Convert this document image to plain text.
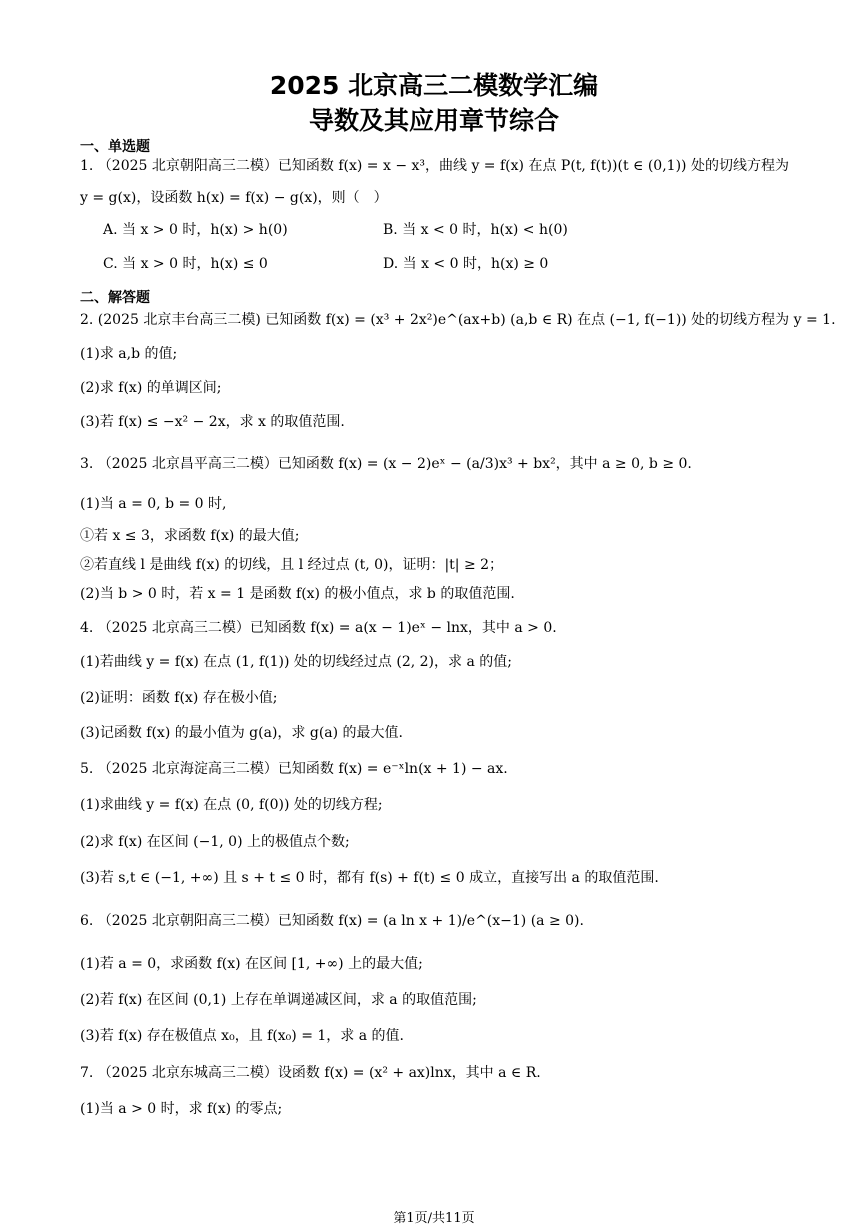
2025 北京高三二模数学汇编
导数及其应用章节综合
一、单选题
1. （2025 北京朝阳高三二模）已知函数 f(x) = x − x³，曲线 y = f(x) 在点 P(t, f(t))(t ∈ (0,1)) 处的切线方程为
y = g(x)，设函数 h(x) = f(x) − g(x)，则（　）
A. 当 x > 0 时，h(x) > h(0)	B. 当 x < 0 时，h(x) < h(0)
C. 当 x > 0 时，h(x) ≤ 0	D. 当 x < 0 时，h(x) ≥ 0
二、解答题
2. (2025 北京丰台高三二模) 已知函数 f(x) = (x³ + 2x²)e^(ax+b) (a,b ∈ R) 在点 (−1, f(−1)) 处的切线方程为 y = 1.
(1)求 a,b 的值;
(2)求 f(x) 的单调区间;
(3)若 f(x) ≤ −x² − 2x，求 x 的取值范围.
3. （2025 北京昌平高三二模）已知函数 f(x) = (x − 2)eˣ − (a/3)x³ + bx²，其中 a ≥ 0, b ≥ 0.
(1)当 a = 0, b = 0 时,
①若 x ≤ 3，求函数 f(x) 的最大值;
②若直线 l 是曲线 f(x) 的切线，且 l 经过点 (t, 0)，证明：|t| ≥ 2；
(2)当 b > 0 时，若 x = 1 是函数 f(x) 的极小值点，求 b 的取值范围.
4. （2025 北京高三二模）已知函数 f(x) = a(x − 1)eˣ − lnx，其中 a > 0.
(1)若曲线 y = f(x) 在点 (1, f(1)) 处的切线经过点 (2, 2)，求 a 的值;
(2)证明：函数 f(x) 存在极小值;
(3)记函数 f(x) 的最小值为 g(a)，求 g(a) 的最大值.
5. （2025 北京海淀高三二模）已知函数 f(x) = e⁻ˣln(x + 1) − ax.
(1)求曲线 y = f(x) 在点 (0, f(0)) 处的切线方程;
(2)求 f(x) 在区间 (−1, 0) 上的极值点个数;
(3)若 s,t ∈ (−1, +∞) 且 s + t ≤ 0 时，都有 f(s) + f(t) ≤ 0 成立，直接写出 a 的取值范围.
6. （2025 北京朝阳高三二模）已知函数 f(x) = (a ln x + 1)/e^(x−1) (a ≥ 0).
(1)若 a = 0，求函数 f(x) 在区间 [1, +∞) 上的最大值;
(2)若 f(x) 在区间 (0,1) 上存在单调递减区间，求 a 的取值范围;
(3)若 f(x) 存在极值点 x₀，且 f(x₀) = 1，求 a 的值.
7. （2025 北京东城高三二模）设函数 f(x) = (x² + ax)lnx，其中 a ∈ R.
(1)当 a > 0 时，求 f(x) 的零点;
第1页/共11页
